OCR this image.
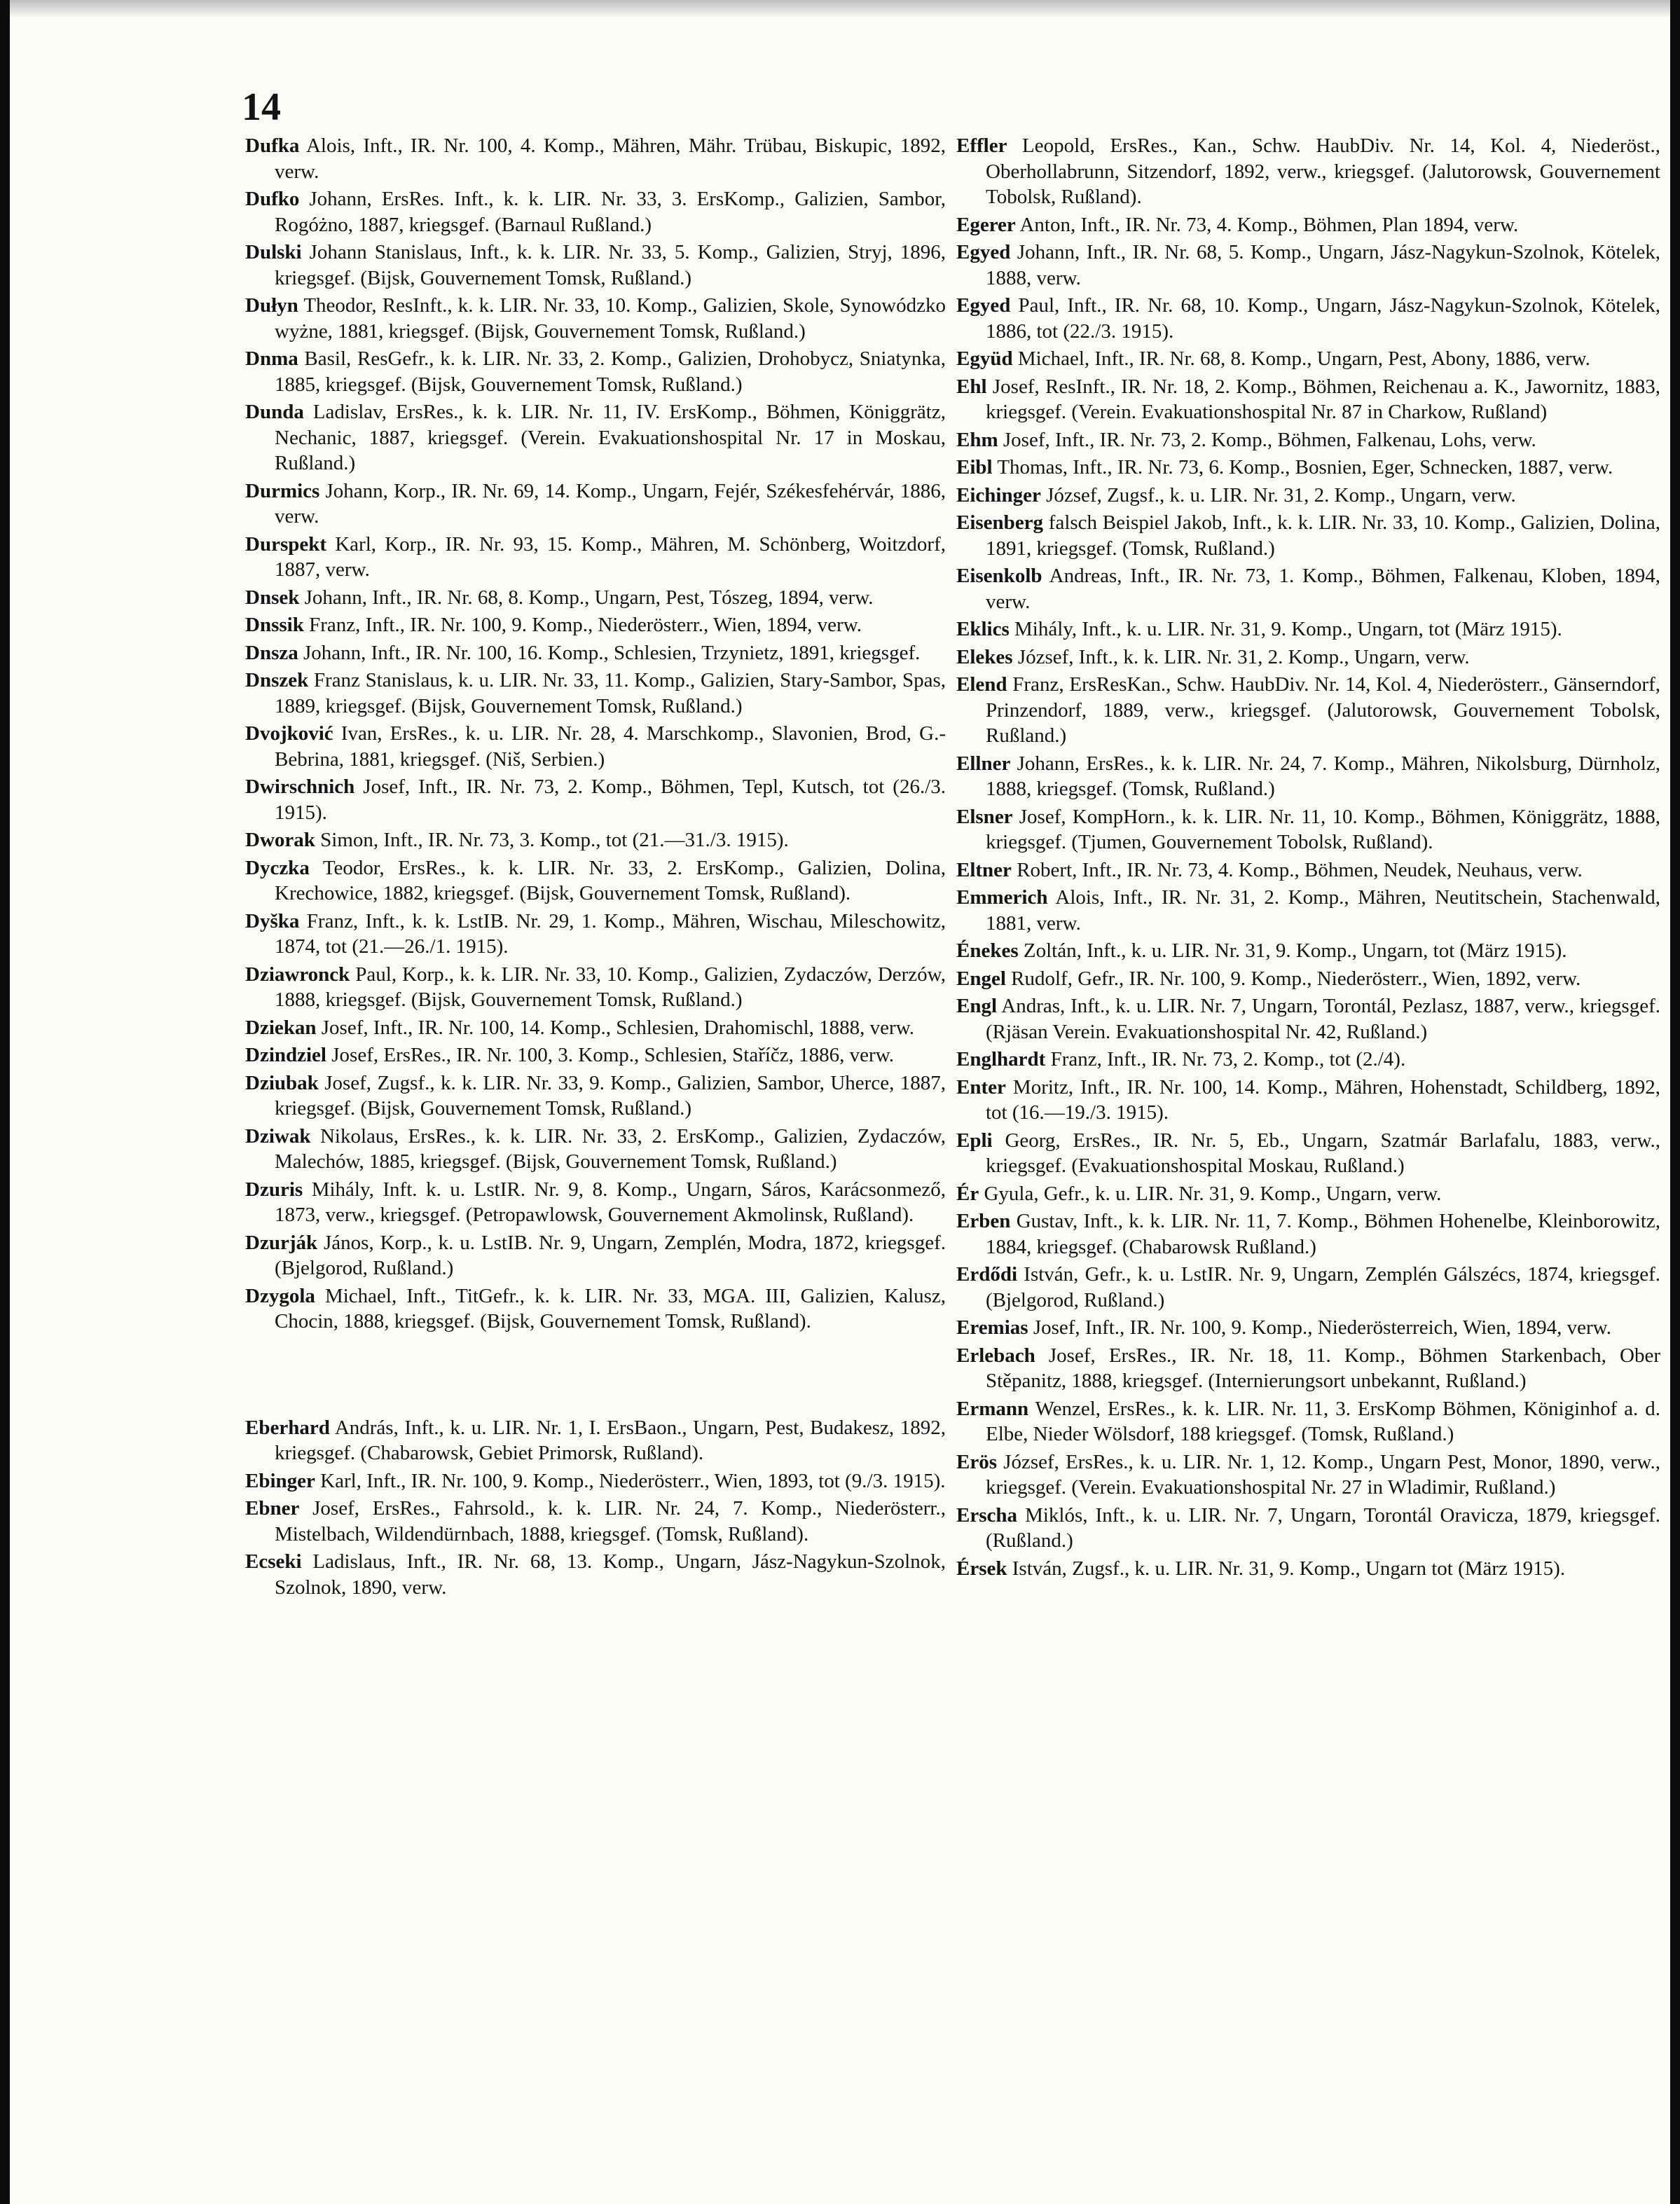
14

Dufka Alois, Inft., IR. Nr. 100, 4. Komp., Mähren, Mähr. Trübau, Biskupic, 1892, verw.

Dufko Johann, ErsRes. Inft., k. k. LIR. Nr. 33, 3. ErsKomp., Galizien, Sambor, Rogóżno, 1887, kriegsgef. (Barnaul Rußland.)

Dulski Johann Stanislaus, Inft., k. k. LIR. Nr. 33, 5. Komp., Galizien, Stryj, 1896, kriegsgef. (Bijsk, Gouvernement Tomsk, Rußland.)

Dułyn Theodor, ResInft., k. k. LIR. Nr. 33, 10. Komp., Galizien, Skole, Synowódzko wyżne, 1881, kriegsgef. (Bijsk, Gouvernement Tomsk, Rußland.)

Dnma Basil, ResGefr., k. k. LIR. Nr. 33, 2. Komp., Galizien, Drohobycz, Sniatynka, 1885, kriegsgef. (Bijsk, Gouvernement Tomsk, Rußland.)

Dunda Ladislav, ErsRes., k. k. LIR. Nr. 11, IV. ErsKomp., Böhmen, Königgrätz, Nechanic, 1887, kriegsgef. (Verein. Evakuationshospital Nr. 17 in Moskau, Rußland.)

Durmics Johann, Korp., IR. Nr. 69, 14. Komp., Ungarn, Fejér, Székesfehérvár, 1886, verw.

Durspekt Karl, Korp., IR. Nr. 93, 15. Komp., Mähren, M. Schönberg, Woitzdorf, 1887, verw.

Dnsek Johann, Inft., IR. Nr. 68, 8. Komp., Ungarn, Pest, Tószeg, 1894, verw.

Dnssik Franz, Inft., IR. Nr. 100, 9. Komp., Niederösterr., Wien, 1894, verw.

Dnsza Johann, Inft., IR. Nr. 100, 16. Komp., Schlesien, Trzynietz, 1891, kriegsgef.

Dnszek Franz Stanislaus, k. u. LIR. Nr. 33, 11. Komp., Galizien, Stary-Sambor, Spas, 1889, kriegsgef. (Bijsk, Gouvernement Tomsk, Rußland.)

Dvojković Ivan, ErsRes., k. u. LIR. Nr. 28, 4. Marschkomp., Slavonien, Brod, G.-Bebrina, 1881, kriegsgef. (Niš, Serbien.)

Dwirschnich Josef, Inft., IR. Nr. 73, 2. Komp., Böhmen, Tepl, Kutsch, tot (26./3. 1915).

Dworak Simon, Inft., IR. Nr. 73, 3. Komp., tot (21.—31./3. 1915).

Dyczka Teodor, ErsRes., k. k. LIR. Nr. 33, 2. ErsKomp., Galizien, Dolina, Krechowice, 1882, kriegsgef. (Bijsk, Gouvernement Tomsk, Rußland).

Dyška Franz, Inft., k. k. LstIB. Nr. 29, 1. Komp., Mähren, Wischau, Mileschowitz, 1874, tot (21.—26./1. 1915).

Dziawronck Paul, Korp., k. k. LIR. Nr. 33, 10. Komp., Galizien, Zydaczów, Derzów, 1888, kriegsgef. (Bijsk, Gouvernement Tomsk, Rußland.)

Dziekan Josef, Inft., IR. Nr. 100, 14. Komp., Schlesien, Drahomischl, 1888, verw.

Dzindziel Josef, ErsRes., IR. Nr. 100, 3. Komp., Schlesien, Staříčz, 1886, verw.

Dziubak Josef, Zugsf., k. k. LIR. Nr. 33, 9. Komp., Galizien, Sambor, Uherce, 1887, kriegsgef. (Bijsk, Gouvernement Tomsk, Rußland.)

Dziwak Nikolaus, ErsRes., k. k. LIR. Nr. 33, 2. ErsKomp., Galizien, Zydaczów, Malechów, 1885, kriegsgef. (Bijsk, Gouvernement Tomsk, Rußland.)

Dzuris Mihály, Inft. k. u. LstIR. Nr. 9, 8. Komp., Ungarn, Sáros, Karácsonmező, 1873, verw., kriegsgef. (Petropawlowsk, Gouvernement Akmolinsk, Rußland).

Dzurják János, Korp., k. u. LstIB. Nr. 9, Ungarn, Zemplén, Modra, 1872, kriegsgef. (Bjelgorod, Rußland.)

Dzygola Michael, Inft., TitGefr., k. k. LIR. Nr. 33, MGA. III, Galizien, Kalusz, Chocin, 1888, kriegsgef. (Bijsk, Gouvernement Tomsk, Rußland).

Eberhard András, Inft., k. u. LIR. Nr. 1, I. ErsBaon., Ungarn, Pest, Budakesz, 1892, kriegsgef. (Chabarowsk, Gebiet Primorsk, Rußland).

Ebinger Karl, Inft., IR. Nr. 100, 9. Komp., Niederösterr., Wien, 1893, tot (9./3. 1915).

Ebner Josef, ErsRes., Fahrsold., k. k. LIR. Nr. 24, 7. Komp., Niederösterr., Mistelbach, Wildendürnbach, 1888, kriegsgef. (Tomsk, Rußland).

Ecseki Ladislaus, Inft., IR. Nr. 68, 13. Komp., Ungarn, Jász-Nagykun-Szolnok, Szolnok, 1890, verw.

Effler Leopold, ErsRes., Kan., Schw. HaubDiv. Nr. 14, Kol. 4, Niederöst., Oberhollabrunn, Sitzendorf, 1892, verw., kriegsgef. (Jalutorowsk, Gouvernement Tobolsk, Rußland).

Egerer Anton, Inft., IR. Nr. 73, 4. Komp., Böhmen, Plan 1894, verw.

Egyed Johann, Inft., IR. Nr. 68, 5. Komp., Ungarn, Jász-Nagykun-Szolnok, Kötelek, 1888, verw.

Egyed Paul, Inft., IR. Nr. 68, 10. Komp., Ungarn, Jász-Nagykun-Szolnok, Kötelek, 1886, tot (22./3. 1915).

Együd Michael, Inft., IR. Nr. 68, 8. Komp., Ungarn, Pest, Abony, 1886, verw.

Ehl Josef, ResInft., IR. Nr. 18, 2. Komp., Böhmen, Reichenau a. K., Jawornitz, 1883, kriegsgef. (Verein. Evakuationshospital Nr. 87 in Charkow, Rußland)

Ehm Josef, Inft., IR. Nr. 73, 2. Komp., Böhmen, Falkenau, Lohs, verw.

Eibl Thomas, Inft., IR. Nr. 73, 6. Komp., Bosnien, Eger, Schnecken, 1887, verw.

Eichinger József, Zugsf., k. u. LIR. Nr. 31, 2. Komp., Ungarn, verw.

Eisenberg falsch Beispiel Jakob, Inft., k. k. LIR. Nr. 33, 10. Komp., Galizien, Dolina, 1891, kriegsgef. (Tomsk, Rußland.)

Eisenkolb Andreas, Inft., IR. Nr. 73, 1. Komp., Böhmen, Falkenau, Kloben, 1894, verw.

Eklics Mihály, Inft., k. u. LIR. Nr. 31, 9. Komp., Ungarn, tot (März 1915).

Elekes József, Inft., k. k. LIR. Nr. 31, 2. Komp., Ungarn, verw.

Elend Franz, ErsResKan., Schw. HaubDiv. Nr. 14, Kol. 4, Niederösterr., Gänserndorf, Prinzendorf, 1889, verw., kriegsgef. (Jalutorowsk, Gouvernement Tobolsk, Rußland.)

Ellner Johann, ErsRes., k. k. LIR. Nr. 24, 7. Komp., Mähren, Nikolsburg, Dürnholz, 1888, kriegsgef. (Tomsk, Rußland.)

Elsner Josef, KompHorn., k. k. LIR. Nr. 11, 10. Komp., Böhmen, Königgrätz, 1888, kriegsgef. (Tjumen, Gouvernement Tobolsk, Rußland).

Eltner Robert, Inft., IR. Nr. 73, 4. Komp., Böhmen, Neudek, Neuhaus, verw.

Emmerich Alois, Inft., IR. Nr. 31, 2. Komp., Mähren, Neutitschein, Stachenwald, 1881, verw.

Énekes Zoltán, Inft., k. u. LIR. Nr. 31, 9. Komp., Ungarn, tot (März 1915).

Engel Rudolf, Gefr., IR. Nr. 100, 9. Komp., Niederösterr., Wien, 1892, verw.

Engl Andras, Inft., k. u. LIR. Nr. 7, Ungarn, Torontál, Pezlasz, 1887, verw., kriegsgef. (Rjäsan Verein. Evakuationshospital Nr. 42, Rußland.)

Englhardt Franz, Inft., IR. Nr. 73, 2. Komp., tot (2./4).

Enter Moritz, Inft., IR. Nr. 100, 14. Komp., Mähren, Hohenstadt, Schildberg, 1892, tot (16.—19./3. 1915).

Epli Georg, ErsRes., IR. Nr. 5, Eb., Ungarn, Szatmár Barlafalu, 1883, verw., kriegsgef. (Evakuationshospital Moskau, Rußland.)

Ér Gyula, Gefr., k. u. LIR. Nr. 31, 9. Komp., Ungarn, verw.

Erben Gustav, Inft., k. k. LIR. Nr. 11, 7. Komp., Böhmen Hohenelbe, Kleinborowitz, 1884, kriegsgef. (Chabarowsk Rußland.)

Erdődi István, Gefr., k. u. LstIR. Nr. 9, Ungarn, Zemplén Gálszécs, 1874, kriegsgef. (Bjelgorod, Rußland.)

Eremias Josef, Inft., IR. Nr. 100, 9. Komp., Niederösterreich, Wien, 1894, verw.

Erlebach Josef, ErsRes., IR. Nr. 18, 11. Komp., Böhmen Starkenbach, Ober Stěpanitz, 1888, kriegsgef. (Internierungsort unbekannt, Rußland.)

Ermann Wenzel, ErsRes., k. k. LIR. Nr. 11, 3. ErsKomp Böhmen, Königinhof a. d. Elbe, Nieder Wölsdorf, 188 kriegsgef. (Tomsk, Rußland.)

Erös József, ErsRes., k. u. LIR. Nr. 1, 12. Komp., Ungarn Pest, Monor, 1890, verw., kriegsgef. (Verein. Evakuationshospital Nr. 27 in Wladimir, Rußland.)

Erscha Miklós, Inft., k. u. LIR. Nr. 7, Ungarn, Torontál Oravicza, 1879, kriegsgef. (Rußland.)

Érsek István, Zugsf., k. u. LIR. Nr. 31, 9. Komp., Ungarn tot (März 1915).
